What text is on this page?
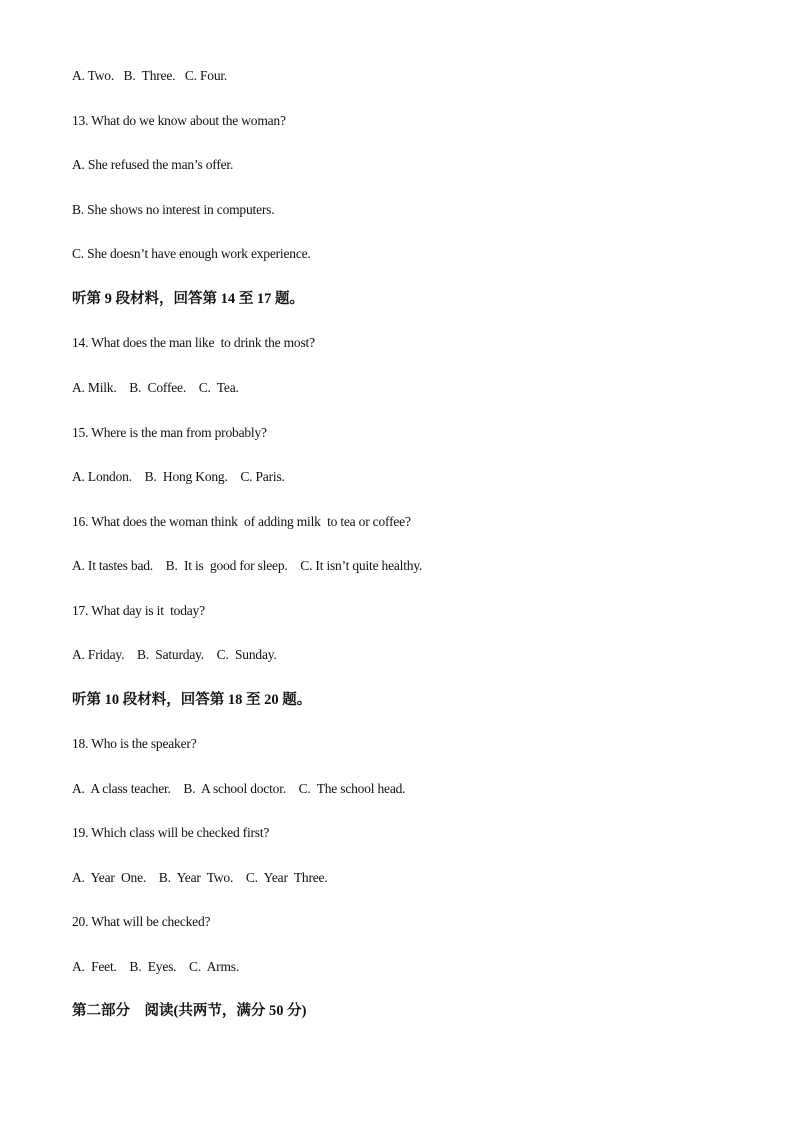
A. Two.   B.  Three.   C. Four.
13. What do we know about the woman?
A. She refused the man’s offer.
B. She shows no interest in computers.
C. She doesn’t have enough work experience.
听第 9 段材料，回答第 14 至 17 题。
14. What does the man like  to drink the most?
A. Milk.    B.  Coffee.    C.  Tea.
15. Where is the man from probably?
A. London.    B.  Hong Kong.    C. Paris.
16. What does the woman think  of adding milk  to tea or coffee?
A. It tastes bad.    B.  It is  good for sleep.    C. It isn’t quite healthy.
17. What day is it  today?
A. Friday.    B.  Saturday.    C.  Sunday.
听第 10 段材料，回答第 18 至 20 题。
18. Who is the speaker?
A.  A class teacher.    B.  A school doctor.    C.  The school head.
19. Which class will be checked first?
A.  Year  One.    B.  Year  Two.    C.  Year  Three.
20. What will be checked?
A.  Feet.    B.  Eyes.    C.  Arms.
第二部分　阅读(共两节，满分 50 分)
